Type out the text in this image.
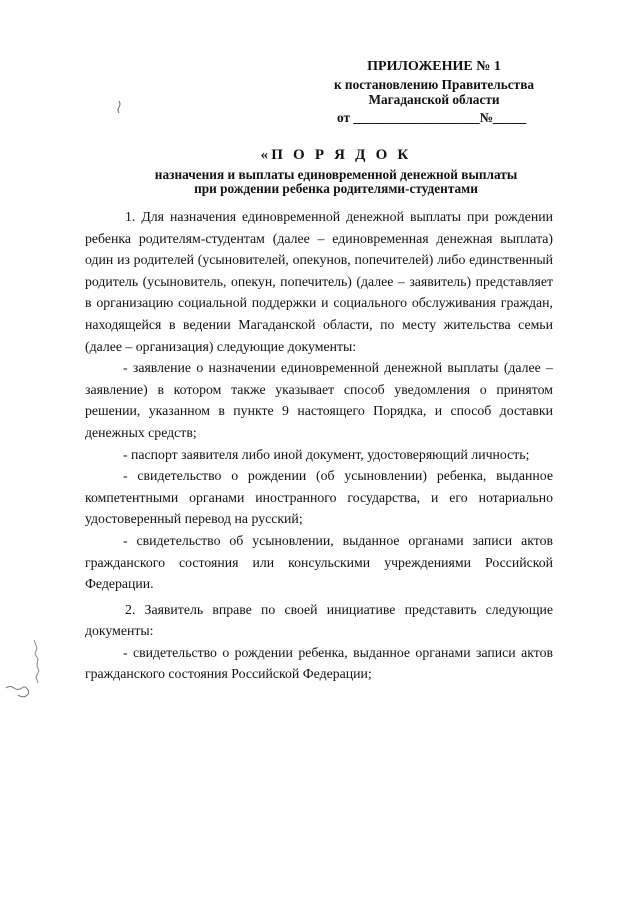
ПРИЛОЖЕНИЕ № 1
к постановлению Правительства
Магаданской области
от ___________________№_____
«П О Р Я Д О К
назначения и выплаты единовременной денежной выплаты
при рождении ребенка родителями-студентами

1. Для назначения единовременной денежной выплаты при рождении ребенка родителям-студентам (далее – единовременная денежная выплата) один из родителей (усыновителей, опекунов, попечителей) либо единственный родитель (усыновитель, опекун, попечитель) (далее – заявитель) представляет в организацию социальной поддержки и социального обслуживания граждан, находящейся в ведении Магаданской области, по месту жительства семьи (далее – организация) следующие документы:

- заявление о назначении единовременной денежной выплаты (далее – заявление) в котором также указывает способ уведомления о принятом решении, указанном в пункте 9 настоящего Порядка, и способ доставки денежных средств;

- паспорт заявителя либо иной документ, удостоверяющий личность;

- свидетельство о рождении (об усыновлении) ребенка, выданное компетентными органами иностранного государства, и его нотариально удостоверенный перевод на русский;

- свидетельство об усыновлении, выданное органами записи актов гражданского состояния или консульскими учреждениями Российской Федерации.

2. Заявитель вправе по своей инициативе представить следующие документы:

- свидетельство о рождении ребенка, выданное органами записи актов гражданского состояния Российской Федерации;
